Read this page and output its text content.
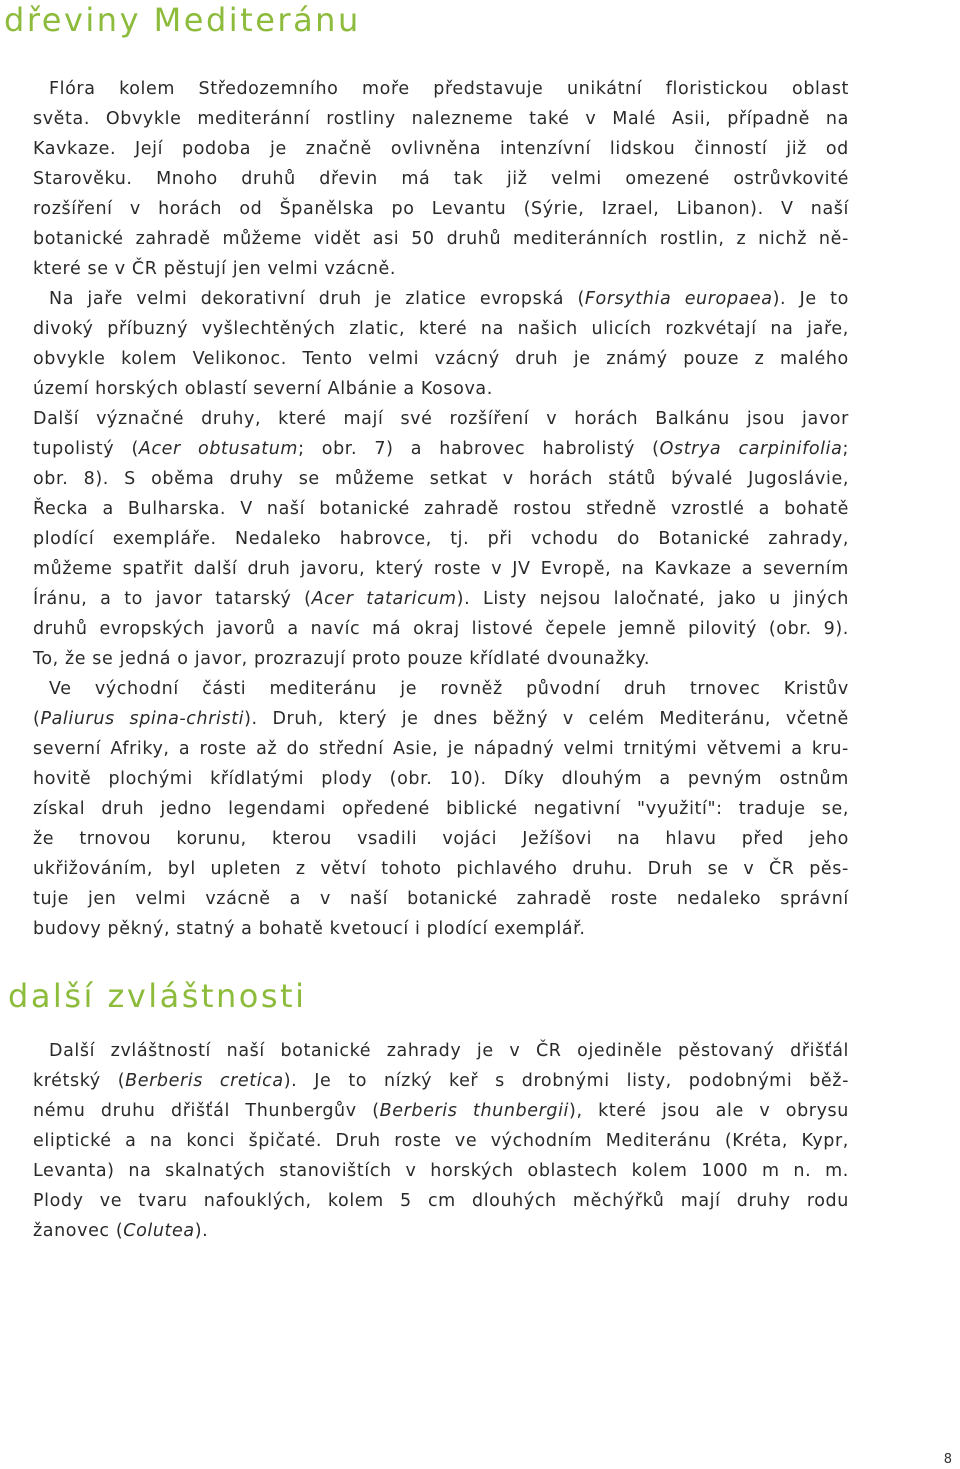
dřeviny Mediteránu
Flóra kolem Středozemního moře představuje unikátní floristickou oblast
světa. Obvykle mediteránní rostliny nalezneme také v Malé Asii, případně na
Kavkaze. Její podoba je značně ovlivněna intenzívní lidskou činností již od
Starověku. Mnoho druhů dřevin má tak již velmi omezené ostrůvkovité
rozšíření v horách od Španělska po Levantu (Sýrie, Izrael, Libanon). V naší
botanické zahradě můžeme vidět asi 50 druhů mediteránních rostlin, z nichž ně-
které se v ČR pěstují jen velmi vzácně.
Na jaře velmi dekorativní druh je zlatice evropská (Forsythia europaea). Je to
divoký příbuzný vyšlechtěných zlatic, které na našich ulicích rozkvétají na jaře,
obvykle kolem Velikonoc. Tento velmi vzácný druh je známý pouze z malého
území horských oblastí severní Albánie a Kosova.
Další význačné druhy, které mají své rozšíření v horách Balkánu jsou javor
tupolistý (Acer obtusatum; obr. 7) a habrovec habrolistý (Ostrya carpinifolia;
obr. 8). S oběma druhy se můžeme setkat v horách států bývalé Jugoslávie,
Řecka a Bulharska. V naší botanické zahradě rostou středně vzrostlé a bohatě
plodící exempláře. Nedaleko habrovce, tj. při vchodu do Botanické zahrady,
můžeme spatřit další druh javoru, který roste v JV Evropě, na Kavkaze a severním
Íránu, a to javor tatarský (Acer tataricum). Listy nejsou laločnaté, jako u jiných
druhů evropských javorů a navíc má okraj listové čepele jemně pilovitý (obr. 9).
To, že se jedná o javor, prozrazují proto pouze křídlaté dvounažky.
Ve východní části mediteránu je rovněž původní druh trnovec Kristův
(Paliurus spina-christi). Druh, který je dnes běžný v celém Mediteránu, včetně
severní Afriky, a roste až do střední Asie, je nápadný velmi trnitými větvemi a kru-
hovitě plochými křídlatými plody (obr. 10). Díky dlouhým a pevným ostnům
získal druh jedno legendami opředené biblické negativní "využití": traduje se,
že trnovou korunu, kterou vsadili vojáci Ježíšovi na hlavu před jeho
ukřižováním, byl upleten z větví tohoto pichlavého druhu. Druh se v ČR pěs-
tuje jen velmi vzácně a v naší botanické zahradě roste nedaleko správní
budovy pěkný, statný a bohatě kvetoucí i plodící exemplář.
další zvláštnosti
Další zvláštností naší botanické zahrady je v ČR ojediněle pěstovaný dřišťál
krétský (Berberis cretica). Je to nízký keř s drobnými listy, podobnými běž-
nému druhu dřišťál Thunbergův (Berberis thunbergii), které jsou ale v obrysu
eliptické a na konci špičaté. Druh roste ve východním Mediteránu (Kréta, Kypr,
Levanta) na skalnatých stanovištích v horských oblastech kolem 1000 m n. m.
Plody ve tvaru nafouklých, kolem 5 cm dlouhých měchýřků mají druhy rodu
žanovec (Colutea).
8
